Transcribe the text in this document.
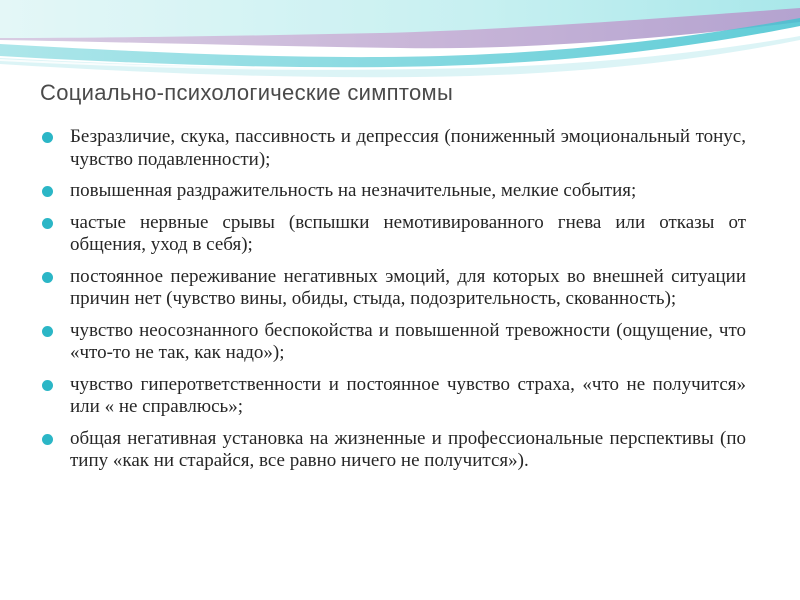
Социально-психологические симптомы
Безразличие, скука, пассивность и депрессия (пониженный эмоциональный тонус, чувство подавленности);
повышенная раздражительность на незначительные, мелкие события;
частые нервные срывы (вспышки немотивированного гнева или отказы от общения, уход в себя);
постоянное переживание негативных эмоций, для которых во внешней ситуации причин нет (чувство вины, обиды, стыда, подозрительность, скованность);
чувство неосознанного беспокойства и повышенной тревожности (ощущение, что «что-то не так, как надо»);
чувство гиперответственности и постоянное чувство страха, «что не получится» или « не справлюсь»;
общая негативная установка на жизненные и профессиональные перспективы (по типу «как ни старайся, все равно ничего не получится»).
